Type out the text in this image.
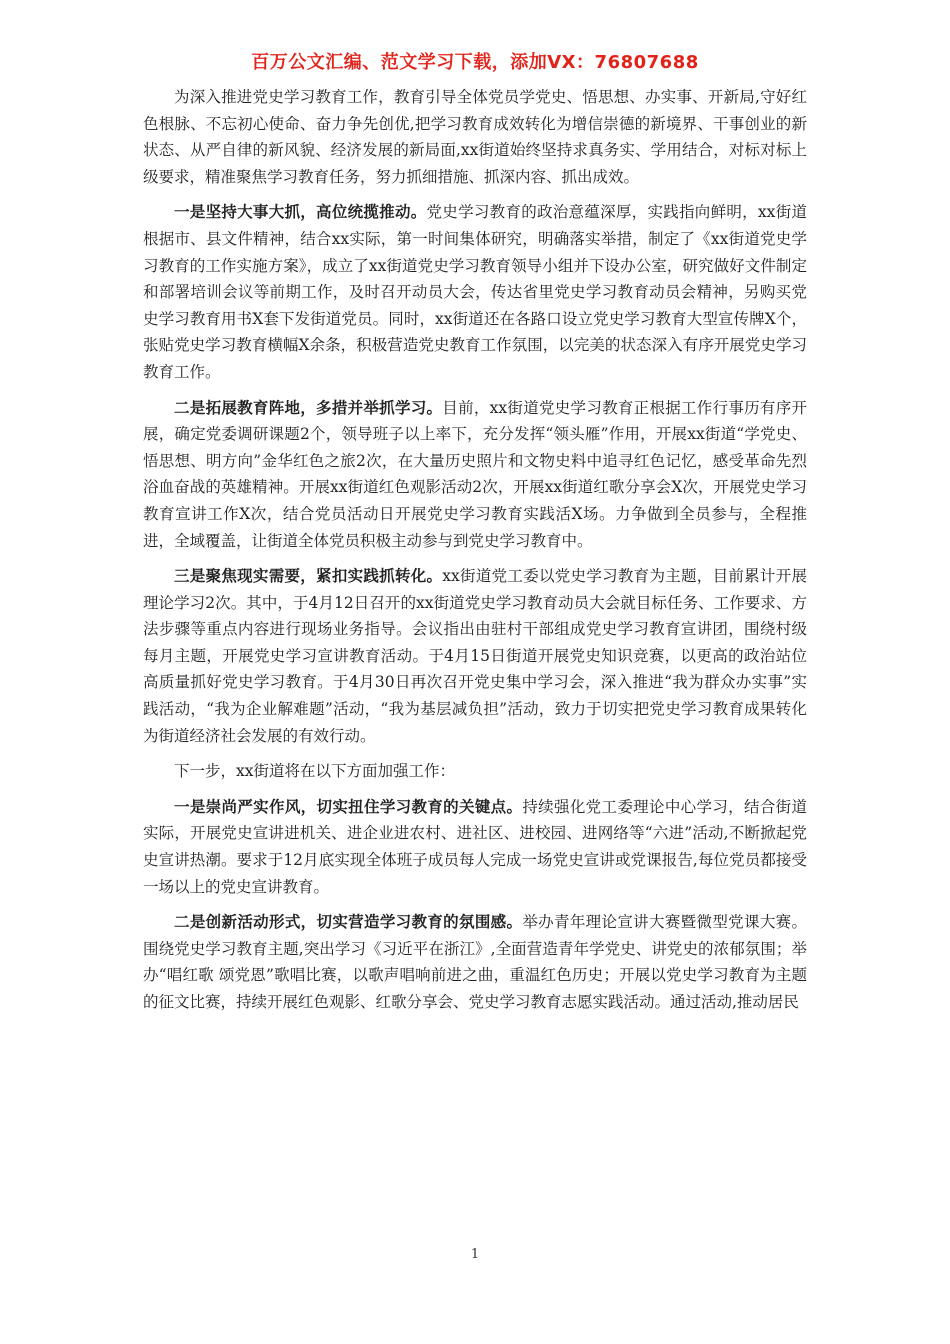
百万公文汇编、范文学习下载，添加VX：76807688

为深入推进党史学习教育工作，教育引导全体党员学党史、悟思想、办实事、开新局,守好红色根脉、不忘初心使命、奋力争先创优,把学习教育成效转化为增信崇德的新境界、干事创业的新状态、从严自律的新风貌、经济发展的新局面,xx街道始终坚持求真务实、学用结合，对标对标上级要求，精准聚焦学习教育任务，努力抓细措施、抓深内容、抓出成效。

一是坚持大事大抓，高位统揽推动。党史学习教育的政治意蕴深厚，实践指向鲜明，xx街道根据市、县文件精神，结合xx实际，第一时间集体研究，明确落实举措，制定了《xx街道党史学习教育的工作实施方案》，成立了xx街道党史学习教育领导小组并下设办公室，研究做好文件制定和部署培训会议等前期工作，及时召开动员大会，传达省里党史学习教育动员会精神，另购买党史学习教育用书X套下发街道党员。同时，xx街道还在各路口设立党史学习教育大型宣传牌X个，张贴党史学习教育横幅X余条，积极营造党史教育工作氛围，以完美的状态深入有序开展党史学习教育工作。

二是拓展教育阵地，多措并举抓学习。目前，xx街道党史学习教育正根据工作行事历有序开展，确定党委调研课题2个，领导班子以上率下，充分发挥“领头雁”作用，开展xx街道“学党史、悟思想、明方向”金华红色之旅2次，在大量历史照片和文物史料中追寻红色记忆，感受革命先烈浴血奋战的英雄精神。开展xx街道红色观影活动2次，开展xx街道红歌分享会X次，开展党史学习教育宣讲工作X次，结合党员活动日开展党史学习教育实践活X场。力争做到全员参与，全程推进，全域覆盖，让街道全体党员积极主动参与到党史学习教育中。

三是聚焦现实需要，紧扣实践抓转化。xx街道党工委以党史学习教育为主题，目前累计开展理论学习2次。其中，于4月12日召开的xx街道党史学习教育动员大会就目标任务、工作要求、方法步骤等重点内容进行现场业务指导。会议指出由驻村干部组成党史学习教育宣讲团，围绕村级每月主题，开展党史学习宣讲教育活动。于4月15日街道开展党史知识竞赛，以更高的政治站位高质量抓好党史学习教育。于4月30日再次召开党史集中学习会，深入推进“我为群众办实事”实践活动，“我为企业解难题”活动，“我为基层减负担”活动，致力于切实把党史学习教育成果转化为街道经济社会发展的有效行动。

下一步，xx街道将在以下方面加强工作：

一是崇尚严实作风，切实扭住学习教育的关键点。持续强化党工委理论中心学习，结合街道实际，开展党史宣讲进机关、进企业进农村、进社区、进校园、进网络等“六进”活动,不断掀起党史宣讲热潮。要求于12月底实现全体班子成员每人完成一场党史宣讲或党课报告,每位党员都接受一场以上的党史宣讲教育。

二是创新活动形式，切实营造学习教育的氛围感。举办青年理论宣讲大赛暨微型党课大赛。围绕党史学习教育主题,突出学习《习近平在浙江》,全面营造青年学党史、讲党史的浓郁氛围；举办“唱红歌 颂党恩”歌唱比赛，以歌声唱响前进之曲，重温红色历史；开展以党史学习教育为主题的征文比赛，持续开展红色观影、红歌分享会、党史学习教育志愿实践活动。通过活动,推动居民

1
